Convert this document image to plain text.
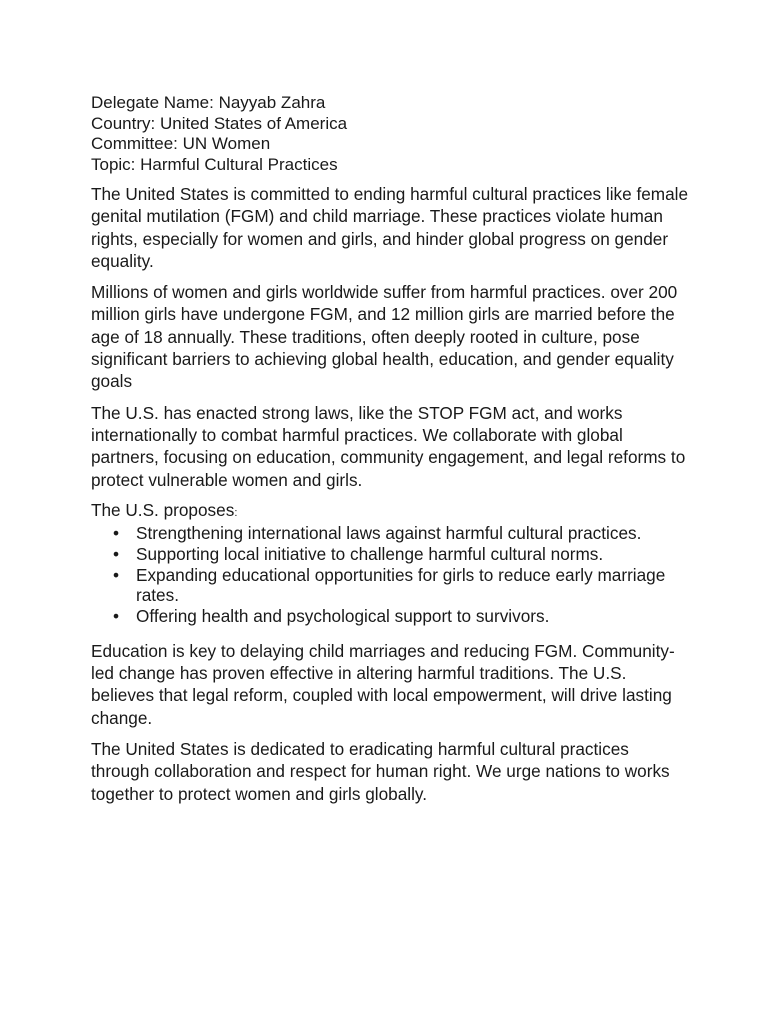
Delegate Name: Nayyab Zahra
Country: United States of America
Committee: UN Women
Topic: Harmful Cultural Practices

The United States is committed to ending harmful cultural practices like female genital mutilation (FGM) and child marriage. These practices violate human rights, especially for women and girls, and hinder global progress on gender equality.

Millions of women and girls worldwide suffer from harmful practices. over 200 million girls have undergone FGM, and 12 million girls are married before the age of 18 annually. These traditions, often deeply rooted in culture, pose significant barriers to achieving global health, education, and gender equality goals

The U.S. has enacted strong laws, like the STOP FGM act, and works internationally to combat harmful practices. We collaborate with global partners, focusing on education, community engagement, and legal reforms to protect vulnerable women and girls.

The U.S. proposes:

• Strengthening international laws against harmful cultural practices.
• Supporting local initiative to challenge harmful cultural norms.
• Expanding educational opportunities for girls to reduce early marriage rates.
• Offering health and psychological support to survivors.

Education is key to delaying child marriages and reducing FGM. Community-led change has proven effective in altering harmful traditions. The U.S. believes that legal reform, coupled with local empowerment, will drive lasting change.

The United States is dedicated to eradicating harmful cultural practices through collaboration and respect for human right. We urge nations to works together to protect women and girls globally.
